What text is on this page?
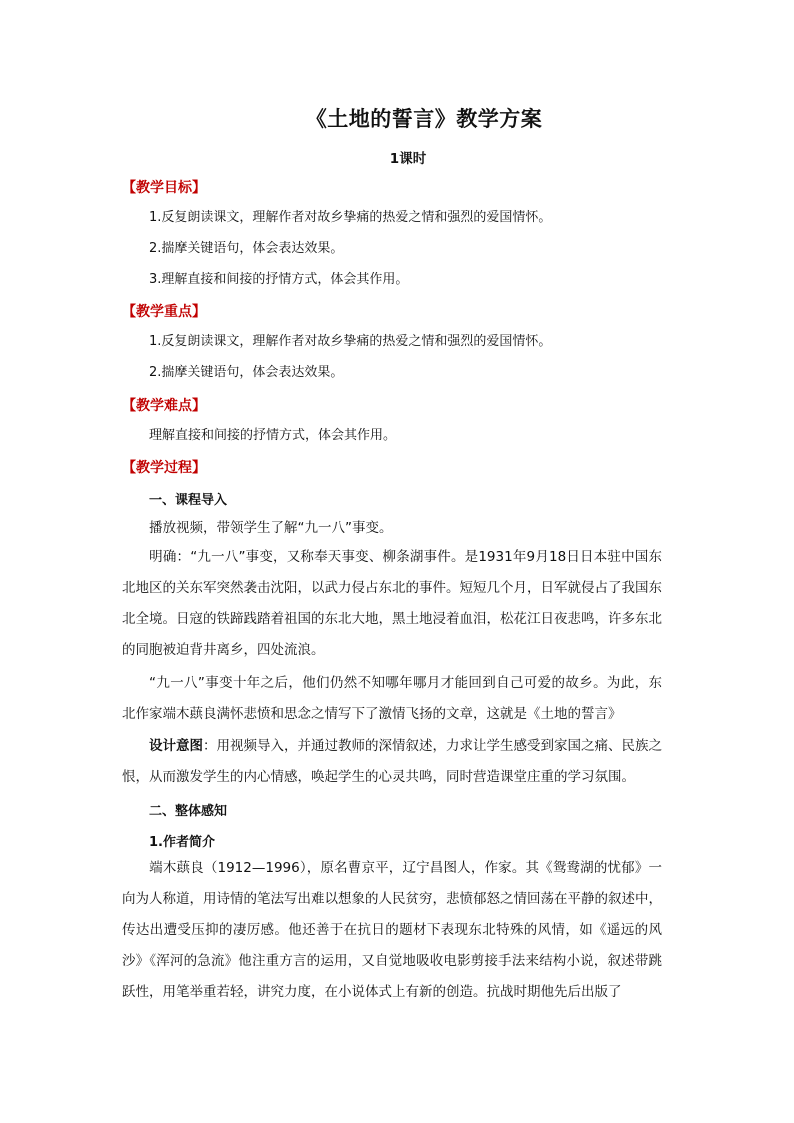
《土地的誓言》教学方案
1课时
【教学目标】
1.反复朗读课文，理解作者对故乡挚痛的热爱之情和强烈的爱国情怀。
2.揣摩关键语句，体会表达效果。
3.理解直接和间接的抒情方式，体会其作用。
【教学重点】
1.反复朗读课文，理解作者对故乡挚痛的热爱之情和强烈的爱国情怀。
2.揣摩关键语句，体会表达效果。
【教学难点】
理解直接和间接的抒情方式，体会其作用。
【教学过程】
一、课程导入
播放视频，带领学生了解“九一八”事变。
明确：“九一八”事变，又称奉天事变、柳条湖事件。是1931年9月18日日本驻中国东北地区的关东军突然袭击沈阳，以武力侵占东北的事件。短短几个月，日军就侵占了我国东北全境。日寇的铁蹄践踏着祖国的东北大地，黑土地浸着血泪，松花江日夜悲鸣，许多东北的同胞被迫背井离乡，四处流浪。
“九一八”事变十年之后，他们仍然不知哪年哪月才能回到自己可爱的故乡。为此，东北作家端木蕻良满怀悲愤和思念之情写下了激情飞扬的文章，这就是《土地的誓言》
设计意图：用视频导入，并通过教师的深情叙述，力求让学生感受到家国之痛、民族之恨，从而激发学生的内心情感，唤起学生的心灵共鸣，同时营造课堂庄重的学习氛围。
二、整体感知
1.作者简介
端木蕻良（1912—1996），原名曹京平，辽宁昌图人，作家。其《鸳鸯湖的忧郁》一向为人称道，用诗情的笔法写出难以想象的人民贫穷，悲愤郁怒之情回荡在平静的叙述中，传达出遭受压抑的凄厉感。他还善于在抗日的题材下表现东北特殊的风情，如《遥远的风沙》《浑河的急流》他注重方言的运用，又自觉地吸收电影剪接手法来结构小说，叙述带跳跃性，用笔举重若轻，讲究力度，在小说体式上有新的创造。抗战时期他先后出版了
